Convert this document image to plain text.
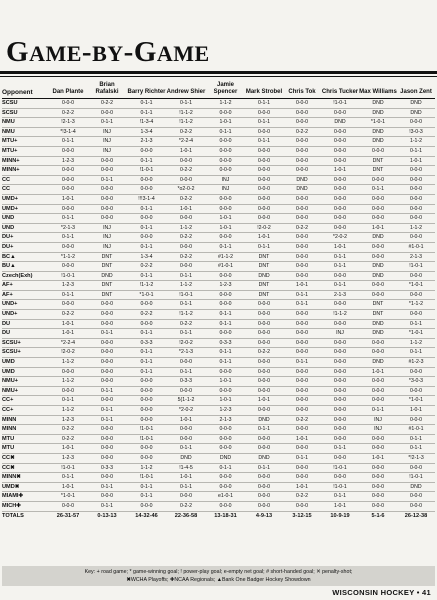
GAME-BY-GAME
Opponent	Dan Plante	Brian Rafalski	Barry Richter	Andrew Shier	Jamie Spencer	Mark Strobel	Chris Tok	Chris Tucker	Max Williams	Jason Zent
SCSU	0-0-0	0-2-2	0-1-1	0-1-1	1-1-2	0-1-1	0-0-0	!1-0-1	DND	DND
SCSU	0-2-2	0-0-0	0-1-1	!1-1-2	0-0-0	0-0-0	0-0-0	0-0-0	DND	DND
NMU	!2-1-3	0-1-1	!1-3-4	!1-1-2	1-0-1	0-1-1	0-0-0	DND	*1-0-1	0-0-0
NMU	*!3-1-4	INJ	1-3-4	0-2-2	0-1-1	0-0-0	0-2-2	0-0-0	DND	!3-0-3
MTU+	0-1-1	INJ	2-1-3	*2-2-4	0-0-0	0-1-1	0-0-0	0-0-0	DND	1-1-2
MTU+	0-0-0	INJ	0-0-0	1-0-1	0-0-0	0-0-0	0-0-0	0-0-0	0-0-0	0-1-1
MINN+	1-2-3	0-0-0	0-1-1	0-0-0	0-0-0	0-0-0	0-0-0	0-0-0	DNT	1-0-1
MINN+	0-0-0	0-0-0	!1-0-1	0-2-2	0-0-0	0-0-0	0-0-0	1-0-1	DNT	0-0-0
CC	0-0-0	0-1-1	0-0-0	0-0-0	INJ	0-0-0	DND	0-0-0	0-0-0	0-0-0
CC	0-0-0	0-0-0	0-0-0	*o2-0-2	INJ	0-0-0	DND	0-0-0	0-1-1	0-0-0
UMD+	1-0-1	0-0-0	!!!3-1-4	0-2-2	0-0-0	0-0-0	0-0-0	0-0-0	0-0-0	0-0-0
UMD+	0-0-0	0-0-0	0-1-1	1-0-1	0-0-0	0-0-0	0-0-0	0-0-0	0-0-0	0-0-0
UND	0-1-1	0-0-0	0-0-0	0-0-0	1-0-1	0-0-0	0-0-0	0-0-0	0-0-0	0-0-0
UND	*2-1-3	INJ	0-1-1	1-1-2	1-0-1	!2-0-2	0-2-2	0-0-0	1-0-1	1-1-2
DU+	0-1-1	INJ	0-0-0	0-2-2	0-0-0	1-0-1	0-0-0	*2-0-2	DND	0-0-0
DU+	0-0-0	INJ	0-1-1	0-0-0	0-1-1	0-1-1	0-0-0	1-0-1	0-0-0	#1-0-1
BC▲	*1-1-2	DNT	1-3-4	0-2-2	#1-1-2	DNT	0-0-0	0-1-1	0-0-0	2-1-3
BU▲	0-0-0	DNT	0-2-2	0-0-0	#1-0-1	DNT	0-0-0	0-1-1	DND	!1-0-1
Czech(Exh)	!1-0-1	DND	0-1-1	0-1-1	0-0-0	DND	0-0-0	0-0-0	DND	0-0-0
AF+	1-2-3	DNT	!1-1-2	1-1-2	1-2-3	DNT	1-0-1	0-1-1	0-0-0	*1-0-1
AF+	0-1-1	DNT	*1-0-1	!1-0-1	0-0-0	DNT	0-1-1	2-1-3	0-0-0	0-0-0
UND+	0-0-0	0-0-0	0-0-0	0-1-1	0-0-0	0-0-0	0-1-1	0-0-0	DNT	*1-1-2
UND+	0-2-2	0-0-0	0-2-2	!1-1-2	0-1-1	0-0-0	0-0-0	!1-1-2	DNT	0-0-0
DU	1-0-1	0-0-0	0-0-0	0-2-2	0-1-1	0-0-0	0-0-0	0-0-0	DND	0-1-1
DU	1-0-1	0-1-1	0-1-1	0-1-1	0-0-0	0-0-0	0-0-0	INJ	DND	*1-0-1
SCSU+	*2-2-4	0-0-0	0-3-3	!2-0-2	0-3-3	0-0-0	0-0-0	0-0-0	0-0-0	1-1-2
SCSU+	!2-0-2	0-0-0	0-1-1	*2-1-3	0-1-1	0-2-2	0-0-0	0-0-0	0-0-0	0-1-1
UMD	1-1-2	0-0-0	0-1-1	0-0-0	0-1-1	0-0-0	0-1-1	0-0-0	DND	#1-2-3
UMD	0-0-0	0-0-0	0-1-1	0-1-1	0-0-0	0-0-0	0-0-0	0-0-0	1-0-1	0-0-0
NMU+	1-1-2	0-0-0	0-0-0	0-3-3	1-0-1	0-0-0	0-0-0	0-0-0	0-0-0	*3-0-3
NMU+	0-0-0	0-1-1	0-0-0	0-0-0	0-0-0	0-0-0	0-0-0	0-0-0	0-0-0	0-0-0
CC+	0-1-1	0-0-0	0-0-0	5(1-1-2	1-0-1	1-0-1	0-0-0	0-0-0	0-0-0	*1-0-1
CC+	1-1-2	0-1-1	0-0-0	*2-0-2	1-2-3	0-0-0	0-0-0	0-0-0	0-1-1	1-0-1
MINN	1-2-3	0-1-1	0-0-0	1-0-1	2-1-3	DND	0-2-2	0-0-0	INJ	0-0-0
MINN	0-2-2	0-0-0	!1-0-1	0-0-0	0-0-0	0-1-1	0-0-0	0-0-0	INJ	#1-0-1
MTU	0-2-2	0-0-0	!1-0-1	0-0-0	0-0-0	0-0-0	1-0-1	0-0-0	0-0-0	0-1-1
MTU	1-0-1	0-0-0	0-0-0	0-1-1	0-0-0	0-0-0	0-0-0	0-1-1	0-0-0	0-1-1
CC✖	1-2-3	0-0-0	0-0-0	DND	DND	DND	0-1-1	0-0-0	1-0-1	*!2-1-3
CC✖	!1-0-1	0-3-3	1-1-2	!1-4-5	0-1-1	0-1-1	0-0-0	!1-0-1	0-0-0	0-0-0
MINN✖	0-1-1	0-0-0	!1-0-1	1-0-1	0-0-0	0-0-0	0-0-0	0-0-0	0-0-0	!1-0-1
UMD✖	1-0-1	0-1-1	0-1-1	0-1-1	0-0-0	0-0-0	1-0-1	!1-0-1	0-0-0	DND
MIAMI✚	*1-0-1	0-0-0	0-1-1	0-0-0	e1-0-1	0-0-0	0-2-2	0-1-1	0-0-0	0-0-0
MICH✚	0-0-0	0-1-1	0-0-0	0-2-2	0-0-0	0-0-0	0-0-0	1-0-1	0-0-0	0-0-0
TOTALS	26-31-57	0-13-13	14-32-46	22-36-58	13-18-31	4-9-13	3-12-15	10-9-19	5-1-6	26-12-38
Key: + road game; * game-winning goal; ! power-play goal; e-empty net goal; # short-handed goal; ✕ penalty-shot;
✖WCHA Playoffs; ✚NCAA Regionals; ▲Bank One Badger Hockey Showdown
WISCONSIN HOCKEY • 41
